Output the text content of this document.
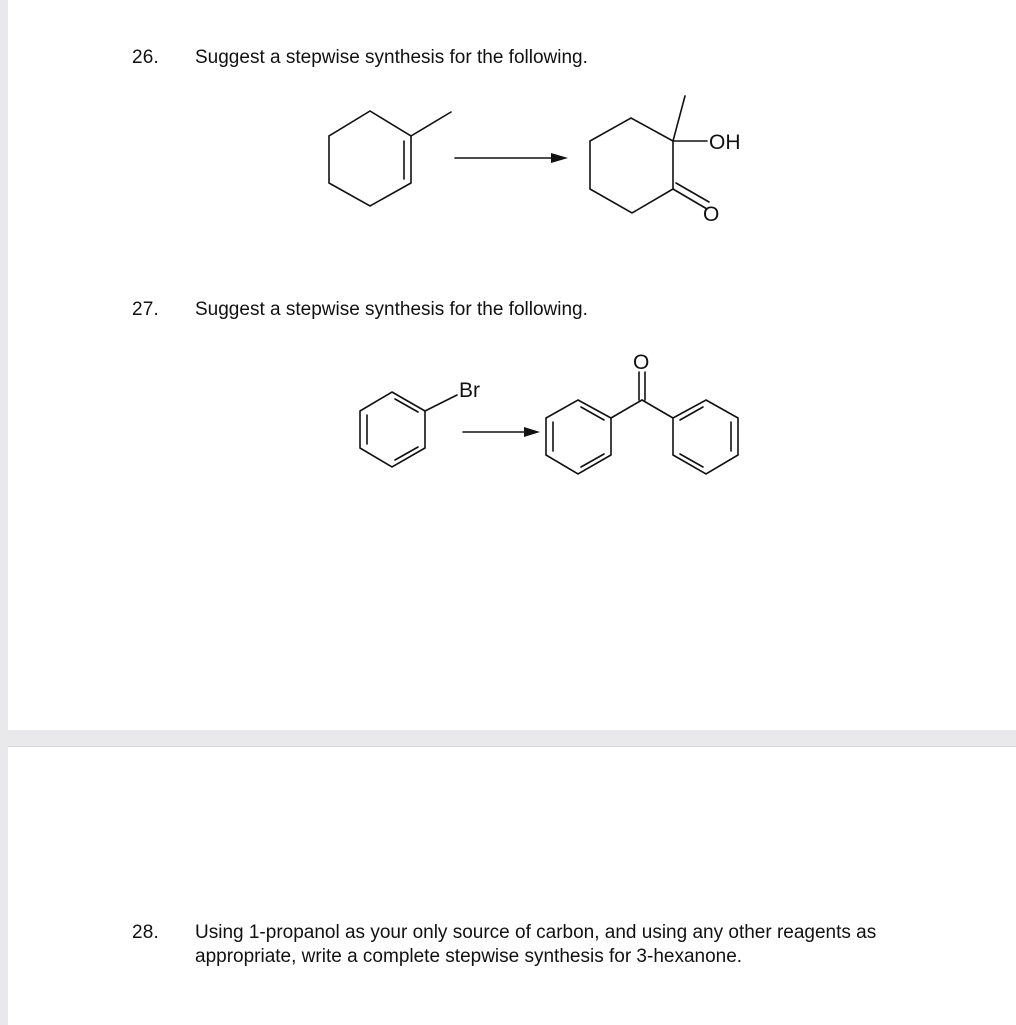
26. Suggest a stepwise synthesis for the following.
OH
O
27. Suggest a stepwise synthesis for the following.
Br
O
28. Using 1-propanol as your only source of carbon, and using any other reagents as
appropriate, write a complete stepwise synthesis for 3-hexanone.
